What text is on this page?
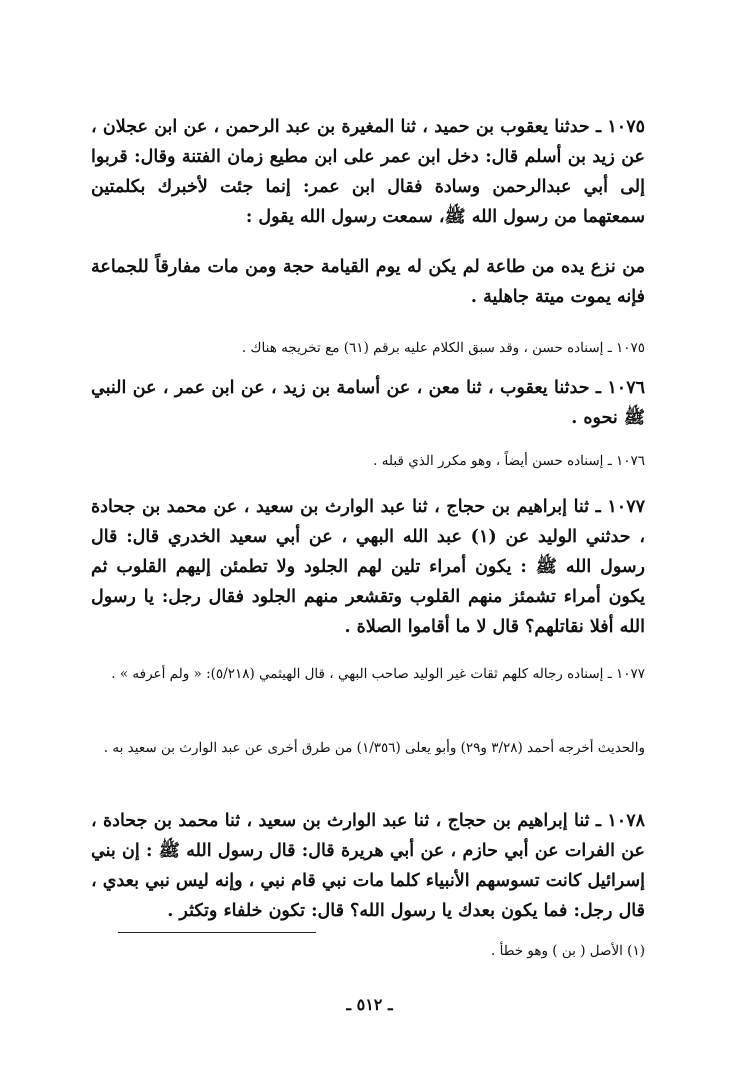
١٠٧٥ ـ حدثنا يعقوب بن حميد ، ثنا المغيرة بن عبد الرحمن ، عن ابن عجلان ، عن زيد بن أسلم قال: دخل ابن عمر على ابن مطيع زمان الفتنة وقال: قربوا إلى أبي عبدالرحمن وسادة فقال ابن عمر: إنما جئت لأخبرك بكلمتين سمعتهما من رسول الله ﷺ، سمعت رسول الله يقول :
من نزع يده من طاعة لم يكن له يوم القيامة حجة ومن مات مفارقاً للجماعة فإنه يموت ميتة جاهلية .
١٠٧٥ ـ إسناده حسن ، وقد سبق الكلام عليه برقم (٦١) مع تخريجه هناك .
١٠٧٦ ـ حدثنا يعقوب ، ثنا معن ، عن أسامة بن زيد ، عن ابن عمر ، عن النبي ﷺ نحوه .
١٠٧٦ ـ إسناده حسن أيضاً ، وهو مكرر الذي قبله .
١٠٧٧ ـ ثنا إبراهيم بن حجاج ، ثنا عبد الوارث بن سعيد ، عن محمد بن جحادة ، حدثني الوليد عن (١) عبد الله البهي ، عن أبي سعيد الخدري قال: قال رسول الله ﷺ : يكون أمراء تلين لهم الجلود ولا تطمئن إليهم القلوب ثم يكون أمراء تشمئز منهم القلوب وتقشعر منهم الجلود فقال رجل: يا رسول الله أفلا نقاتلهم؟ قال لا ما أقاموا الصلاة .
١٠٧٧ ـ إسناده رجاله كلهم ثقات غير الوليد صاحب البهي ، قال الهيثمي (٥/٢١٨): « ولم أعرفه » .
والحديث أخرجه أحمد (٣/٢٨ و٢٩) وأبو يعلى (١/٣٥٦) من طرق أخرى عن عبد الوارث بن سعيد به .
١٠٧٨ ـ ثنا إبراهيم بن حجاج ، ثنا عبد الوارث بن سعيد ، ثنا محمد بن جحادة ، عن الفرات عن أبي حازم ، عن أبي هريرة قال: قال رسول الله ﷺ : إن بني إسرائيل كانت تسوسهم الأنبياء كلما مات نبي قام نبي ، وإنه ليس نبي بعدي ، قال رجل: فما يكون بعدك يا رسول الله؟ قال: تكون خلفاء وتكثر .
(١) الأصل ( بن ) وهو خطأ .
ـ ٥١٢ ـ
